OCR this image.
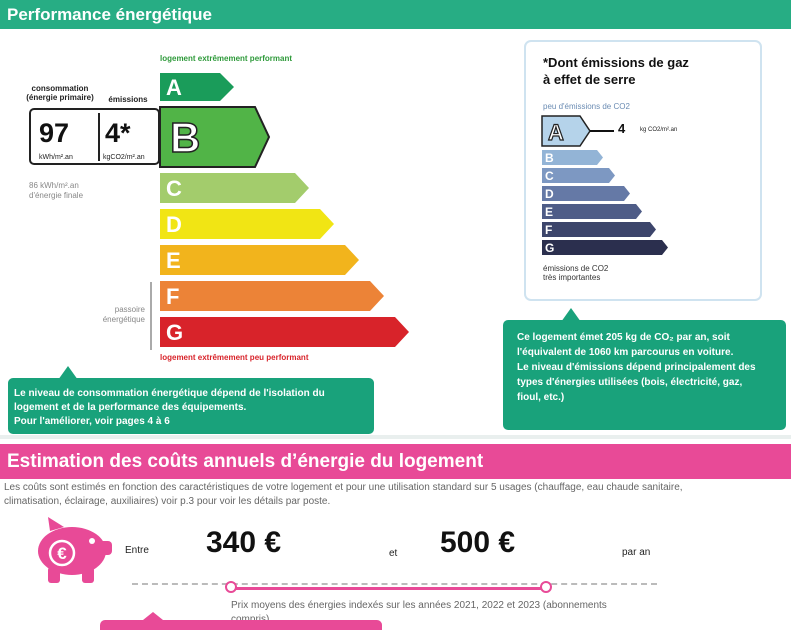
Performance énergétique
logement extrêmement performant
A
B
C
D
E
F
G
logement extrêmement peu performant
passoire
énergétique
consommation
(énergie primaire)	émissions
97
kWh/m².an
4*
kgCO2/m².an
86 kWh/m².an
d'énergie finale
Le niveau de consommation énergétique dépend de l'isolation du
logement et de la performance des équipements.
Pour l'améliorer, voir pages 4 à 6
*Dont émissions de gaz
à effet de serre
peu d'émissions de CO2
A
B
C
D
E
F
G
4 kg CO2/m².an
émissions de CO2
très importantes
Ce logement émet 205 kg de CO₂ par an, soit
l'équivalent de 1060 km parcourus en voiture.
Le niveau d'émissions dépend principalement des
types d'énergies utilisées (bois, électricité, gaz,
fioul, etc.)
Estimation des coûts annuels d’énergie du logement
Les coûts sont estimés en fonction des caractéristiques de votre logement et pour une utilisation standard sur 5 usages (chauffage, eau chaude sanitaire,
climatisation, éclairage, auxiliaires) voir p.3 pour voir les détails par poste.
€	Entre 340 €	et 500 €	par an
Prix moyens des énergies indexés sur les années 2021, 2022 et 2023 (abonnements
